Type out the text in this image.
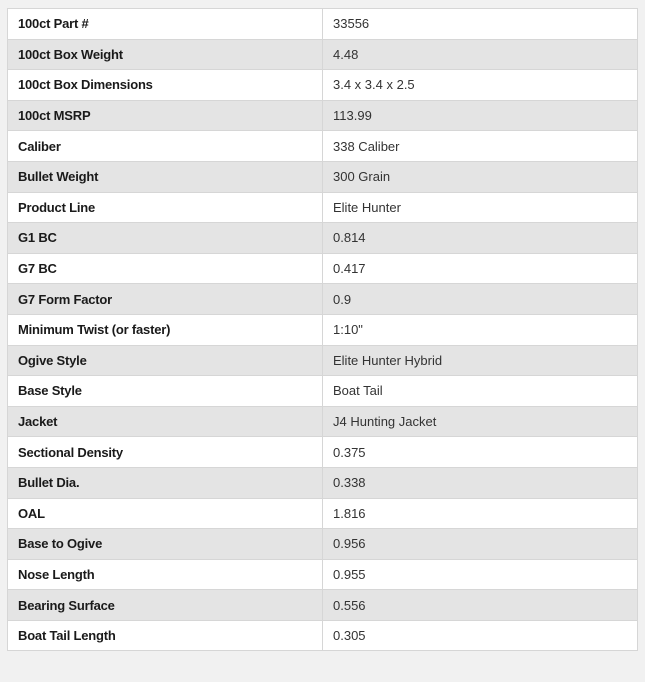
100ct Part #	33556
100ct Box Weight	4.48
100ct Box Dimensions	3.4 x 3.4 x 2.5
100ct MSRP	113.99
Caliber	338 Caliber
Bullet Weight	300 Grain
Product Line	Elite Hunter
G1 BC	0.814
G7 BC	0.417
G7 Form Factor	0.9
Minimum Twist (or faster)	1:10"
Ogive Style	Elite Hunter Hybrid
Base Style	Boat Tail
Jacket	J4 Hunting Jacket
Sectional Density	0.375
Bullet Dia.	0.338
OAL	1.816
Base to Ogive	0.956
Nose Length	0.955
Bearing Surface	0.556
Boat Tail Length	0.305
